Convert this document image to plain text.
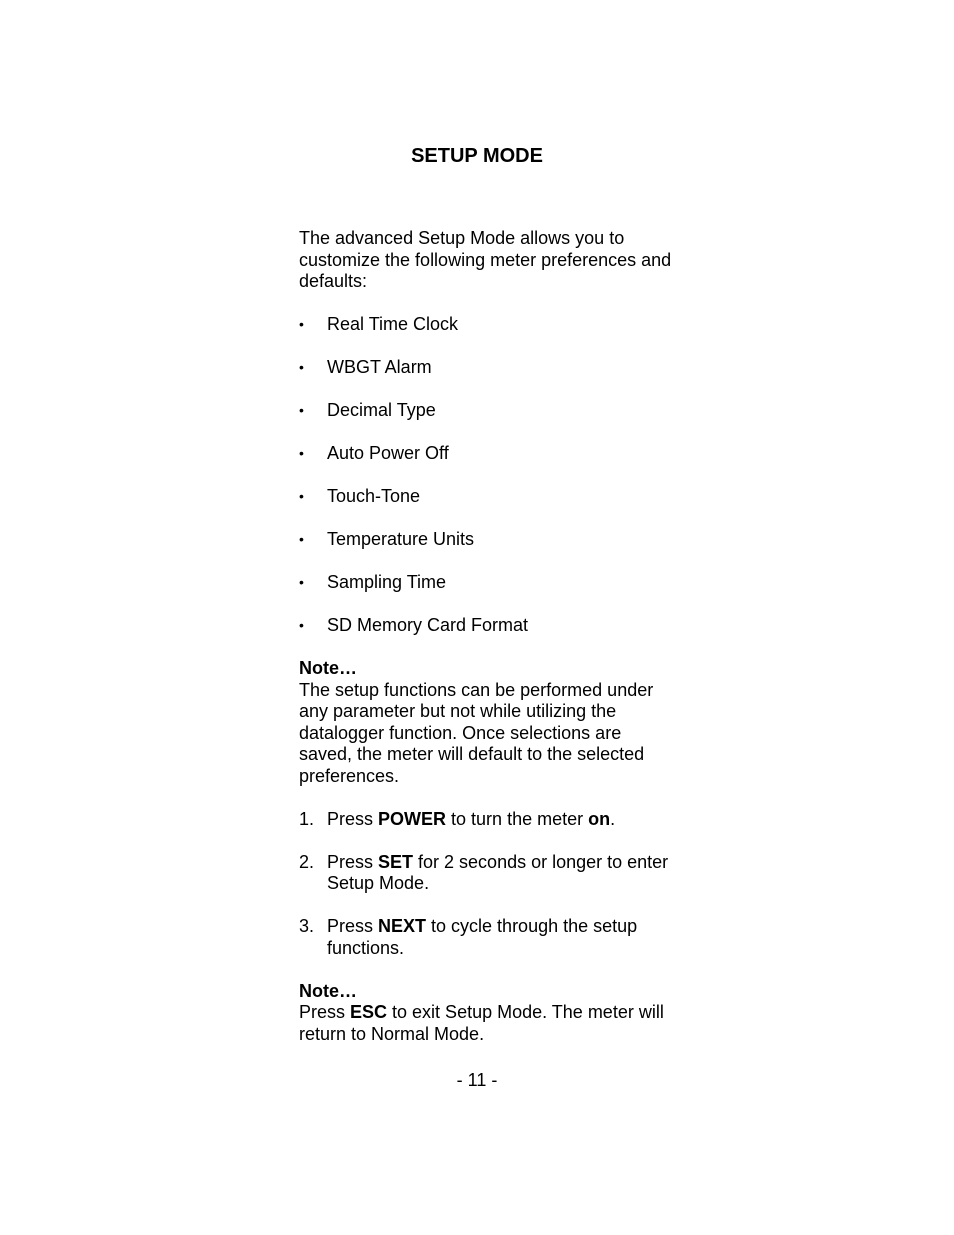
SETUP MODE

The advanced Setup Mode allows you to customize the following meter preferences and defaults:

•	Real Time Clock
•	WBGT Alarm
•	Decimal Type
•	Auto Power Off
•	Touch-Tone
•	Temperature Units
•	Sampling Time
•	SD Memory Card Format

Note…

The setup functions can be performed under any parameter but not while utilizing the datalogger function. Once selections are saved, the meter will default to the selected preferences.

1. Press POWER to turn the meter on.
2. Press SET for 2 seconds or longer to enter Setup Mode.
3. Press NEXT to cycle through the setup functions.

Note…

Press ESC to exit Setup Mode. The meter will return to Normal Mode.

- 11 -
